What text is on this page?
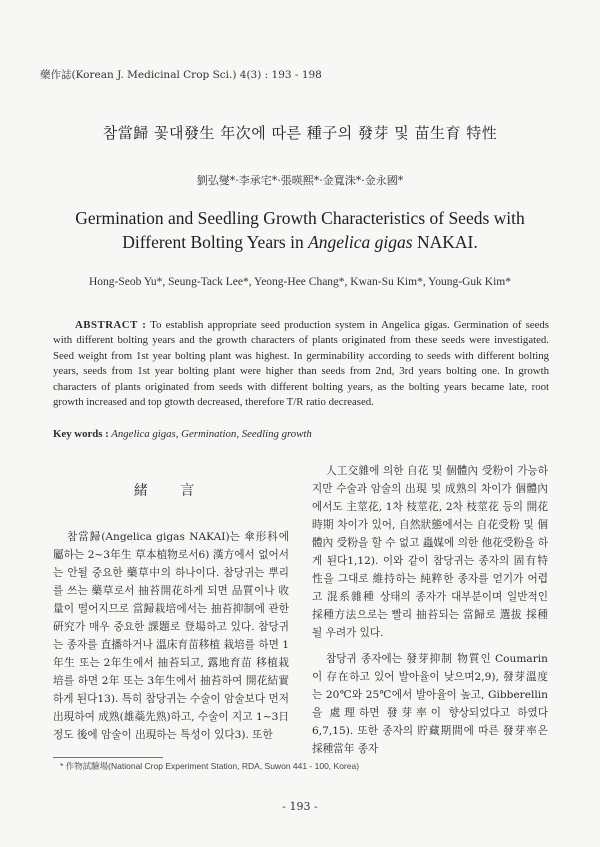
藥作誌(Korean J. Medicinal Crop Sci.) 4(3) : 193 - 198
참當歸 꽃대發生 年次에 따른 種子의 發芽 및 苗生育 特性
劉弘燮*·李承宅*·張暎熙*·金寬洙*·金永國*
Germination and Seedling Growth Characteristics of Seeds with
Different Bolting Years in Angelica gigas NAKAI.
Hong-Seob Yu*, Seung-Tack Lee*, Yeong-Hee Chang*, Kwan-Su Kim*, Young-Guk Kim*
ABSTRACT : To establish appropriate seed production system in Angelica gigas. Germination of seeds with different bolting years and the growth characters of plants originated from these seeds were investigated. Seed weight from 1st year bolting plant was highest. In germinability according to seeds with different bolting years, seeds from 1st year bolting plant were higher than seeds from 2nd, 3rd years bolting one. In growth characters of plants originated from seeds with different bolting years, as the bolting years became late, root growth increased and top gtowth decreased, therefore T/R ratio decreased.
Key words : Angelica gigas, Germination, Seedling growth
緒 言

참當歸(Angelica gigas NAKAI)는 傘形科에 屬하는 2~3年生 草本植物로서6) 漢方에서 없어서는 안될 중요한 藥草中의 하나이다. 참당귀는 뿌리를 쓰는 藥草로서 抽苔開花하게 되면 品質이나 收量이 떨어지므로 當歸栽培에서는 抽苔抑制에 관한 硏究가 매우 중요한 課題로 登場하고 있다. 참당귀는 종자를 直播하거나 溫床育苗移植 栽培를 하면 1年生 또는 2年生에서 抽苔되고, 露地育苗 移植栽培를 하면 2年 또는 3年生에서 抽苔하여 開花結實하게 된다13). 특히 참당귀는 수술이 암술보다 먼저 出現하여 成熟(雄蘂先熟)하고, 수술이 지고 1~3日정도 後에 암술이 出現하는 특성이 있다3). 또한

人工交雜에 의한 自花 및 個體內 受粉이 가능하지만 수술과 암술의 出現 및 成熟의 차이가 個體內에서도 主莖花, 1차 枝莖花, 2차 枝莖花 등의 開花時期 차이가 있어, 自然狀態에서는 自花受粉 및 個體內 受粉을 할 수 없고 蟲媒에 의한 他花受粉을 하게 된다1,12). 이와 같이 참당귀는 종자의 固有特性을 그대로 維持하는 純粹한 종자를 얻기가 어렵고 混系雜種 상태의 종자가 대부분이며 일반적인 採種方法으로는 빨리 抽苔되는 當歸로 選拔 採種될 우려가 있다.

참당귀 종자에는 發芽抑制 物質인 Coumarin이 存在하고 있어 발아율이 낮으며2,9), 發芽溫度는 20℃와 25℃에서 발아율이 높고, Gibberellin을 處理하면 發芽率이 향상되었다고 하였다6,7,15). 또한 종자의 貯藏期間에 따른 發芽率은 採種當年 종자

* 作物試驗場(National Crop Experiment Station, RDA, Suwon 441 - 100, Korea)
- 193 -
